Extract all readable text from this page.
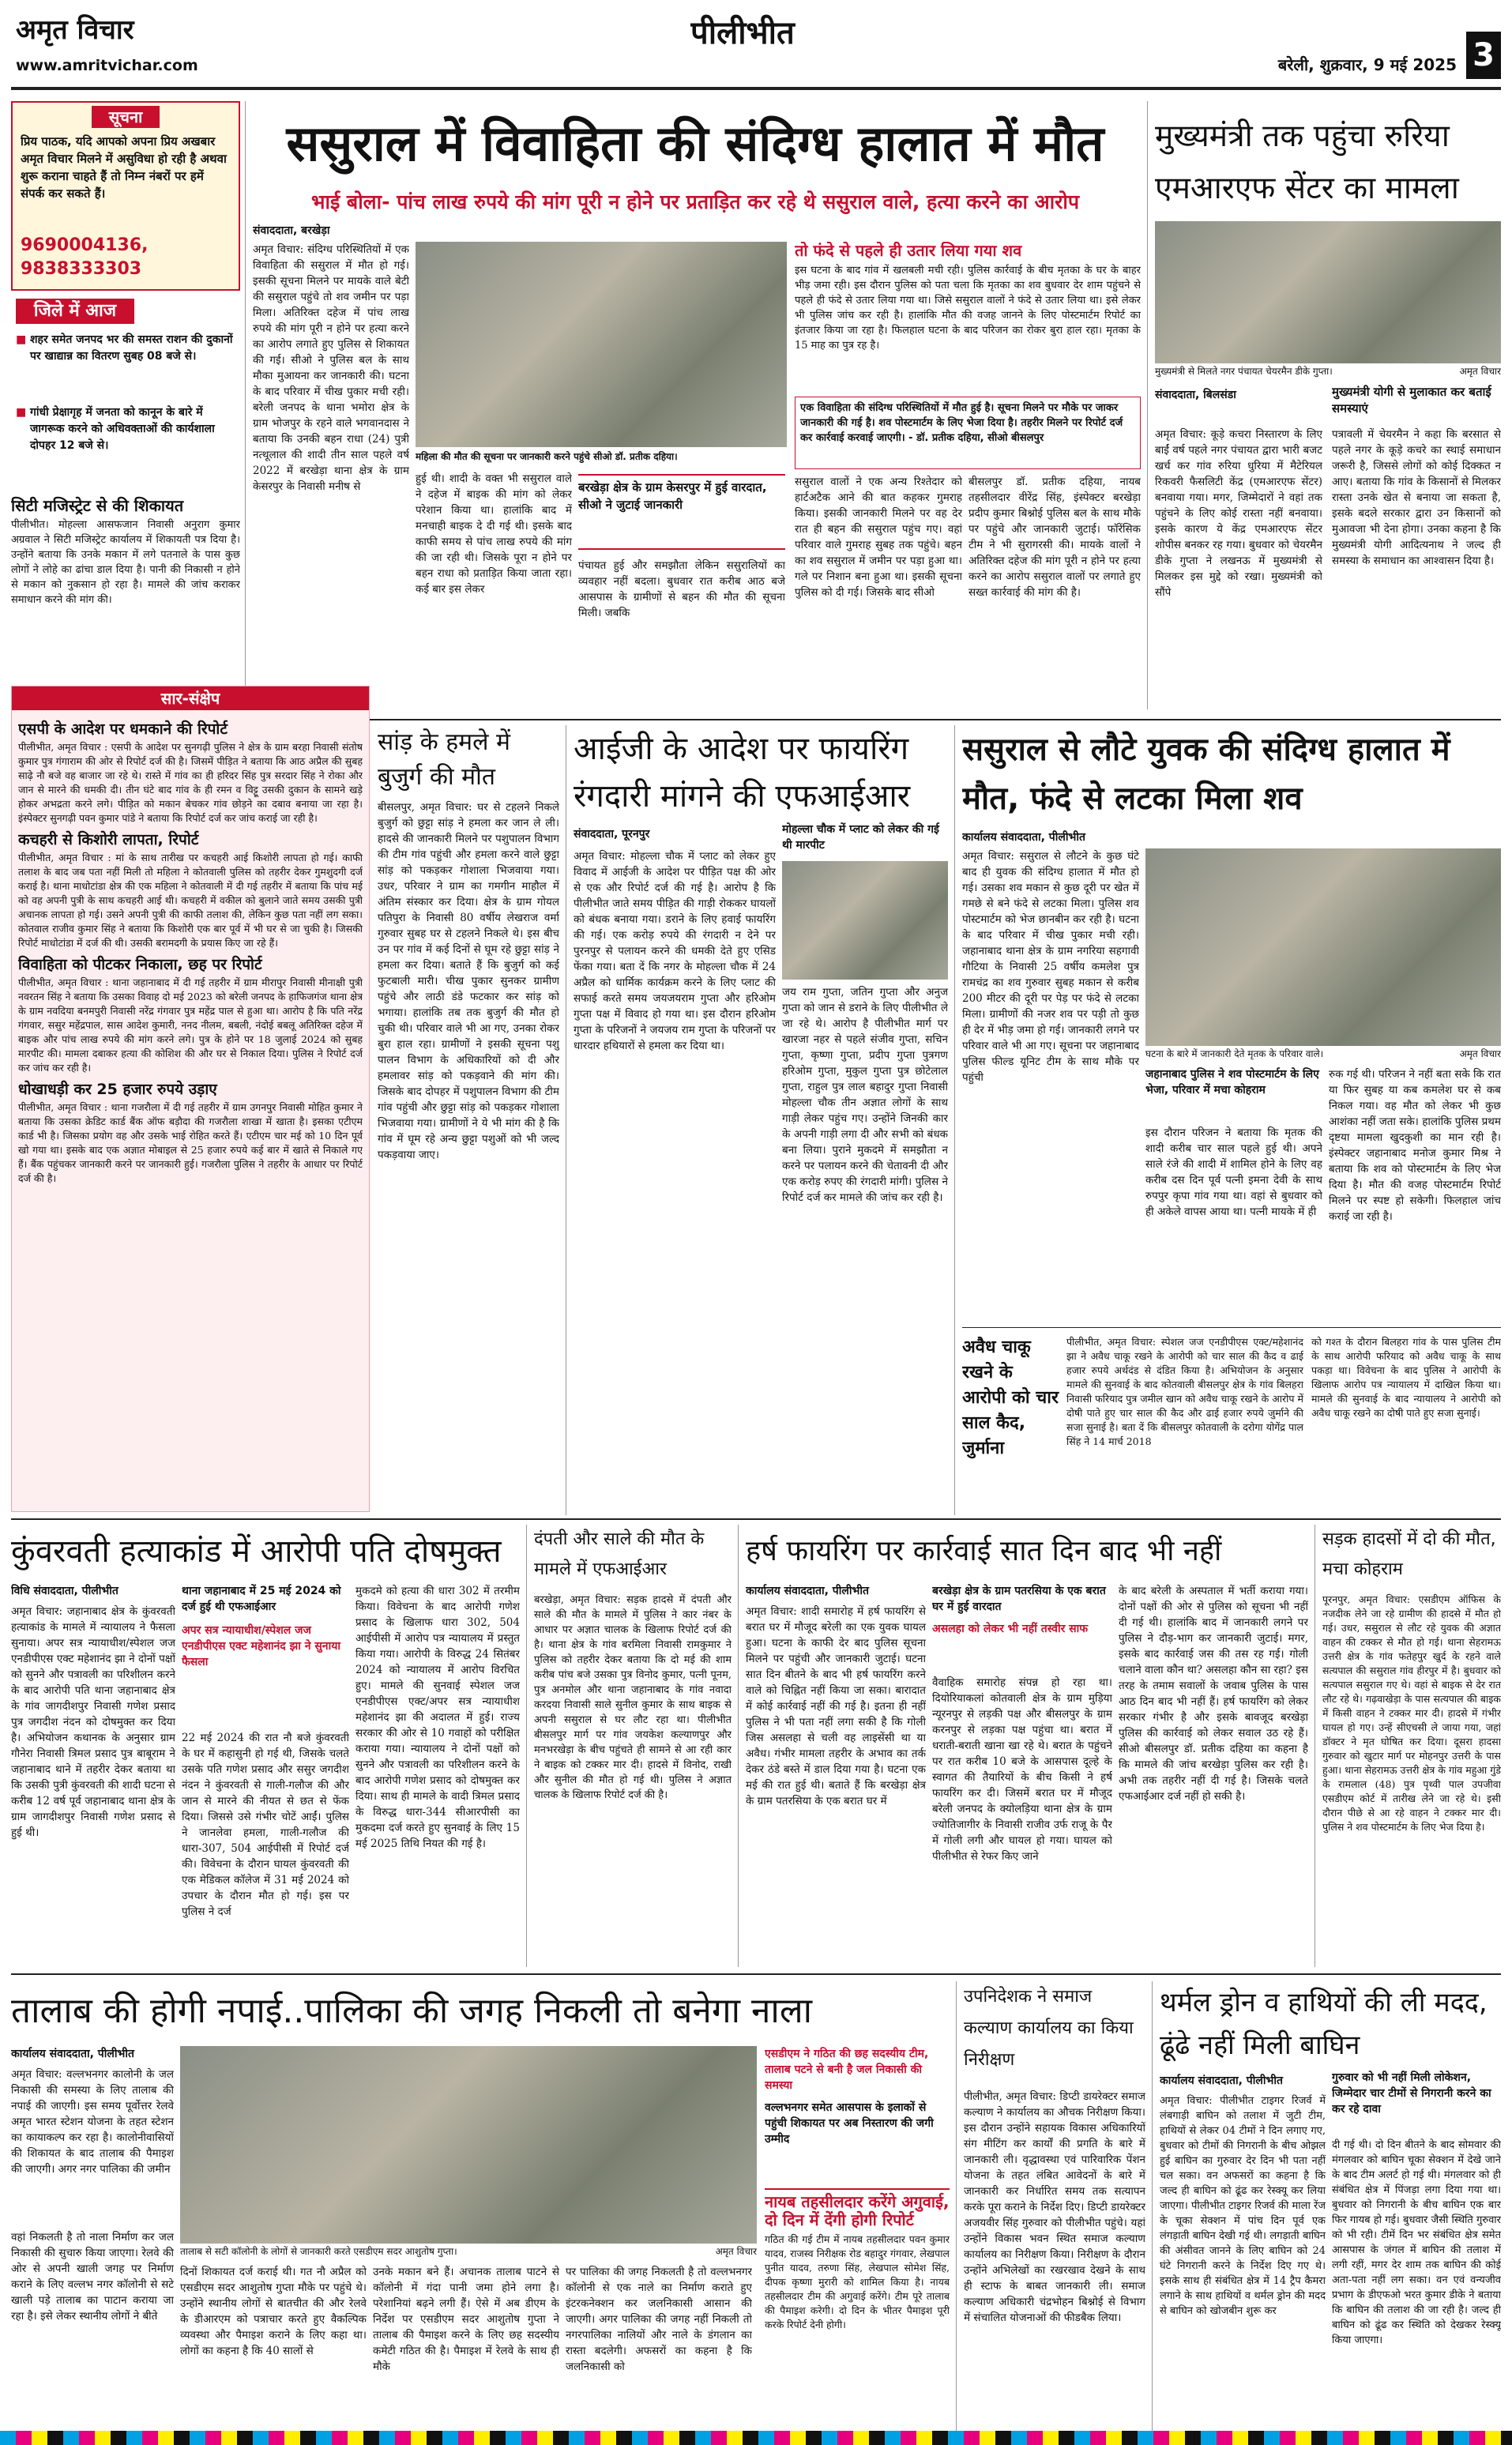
अमृत विचार
www.amritvichar.com
पीलीभीत
बरेली, शुक्रवार, 9 मई 2025 3
सूचना
प्रिय पाठक, यदि आपको अपना प्रिय अखबार अमृत विचार मिलने में असुविधा हो रही है अथवा शुरू कराना चाहते हैं तो निम्न नंबरों पर हमें संपर्क कर सकते हैं।
9690004136, 9838333303
जिले में आज
■ शहर समेत जनपद भर की समस्त राशन की दुकानों पर खाद्यान्न का वितरण सुबह 08 बजे से।
■ गांधी प्रेक्षागृह में जनता को कानून के बारे में जागरूक करने को अधिवक्ताओं की कार्यशाला दोपहर 12 बजे से।
सिटी मजिस्ट्रेट से की शिकायत
पीलीभीत। मोहल्ला आसफजान निवासी अनुराग कुमार अग्रवाल ने सिटी मजिस्ट्रेट कार्यालय में शिकायती पत्र दिया है। उन्होंने बताया कि उनके मकान में लगे पतनाले के पास कुछ लोगों ने लोहे का ढांचा डाल दिया है। पानी की निकासी न होने से मकान को नुकसान हो रहा है। मामले की जांच कराकर समाधान करने की मांग की।
ससुराल में विवाहिता की संदिग्ध हालात में मौत
भाई बोला- पांच लाख रुपये की मांग पूरी न होने पर प्रताड़ित कर रहे थे ससुराल वाले, हत्या करने का आरोप
संवाददाता, बरखेड़ा
अमृत विचार: संदिग्ध परिस्थितियों में एक विवाहिता की ससुराल में मौत हो गई। इसकी सूचना मिलने पर मायके वाले बेटी की ससुराल पहुंचे तो शव जमीन पर पड़ा मिला। अतिरिक्त दहेज में पांच लाख रुपये की मांग पूरी न होने पर हत्या करने का आरोप लगाते हुए पुलिस से शिकायत की गई। सीओ ने पुलिस बल के साथ मौका मुआयना कर जानकारी की। घटना के बाद परिवार में चीख पुकार मची रही। बरेली जनपद के थाना भमोरा क्षेत्र के ग्राम भोजपुर के रहने वाले भगवानदास ने बताया कि उनकी बहन राधा (24) पुत्री नत्थूलाल की शादी तीन साल पहले वर्ष 2022 में बरखेड़ा थाना क्षेत्र के ग्राम केसरपुर के निवासी मनीष से
महिला की मौत की सूचना पर जानकारी करने पहुंचे सीओ डॉ. प्रतीक दहिया।
हुई थी। शादी के वक्त भी ससुराल वाले ने दहेज में बाइक की मांग को लेकर परेशान किया था। हालांकि बाद में मनचाही बाइक दे दी गई थी। इसके बाद काफी समय से पांच लाख रुपये की मांग की जा रही थी। जिसके पूरा न होने पर बहन राधा को प्रताड़ित किया जाता रहा। कई बार इस लेकर
बरखेड़ा क्षेत्र के ग्राम केसरपुर में हुई वारदात, सीओ ने जुटाई जानकारी
पंचायत हुई और समझौता लेकिन ससुरालियों का व्यवहार नहीं बदला। बुधवार रात करीब आठ बजे आसपास के ग्रामीणों से बहन की मौत की सूचना मिली। जबकि
तो फंदे से पहले ही उतार लिया गया शव
इस घटना के बाद गांव में खलबली मची रही। पुलिस कार्रवाई के बीच मृतका के घर के बाहर भीड़ जमा रही। इस दौरान पुलिस को पता चला कि मृतका का शव बुधवार देर शाम पहुंचने से पहले ही फंदे से उतार लिया गया था। जिसे ससुराल वालों ने फंदे से उतार लिया था। इसे लेकर भी पुलिस जांच कर रही है। हालांकि मौत की वजह जानने के लिए पोस्टमार्टम रिपोर्ट का इंतजार किया जा रहा है। फिलहाल घटना के बाद परिजन का रोकर बुरा हाल रहा। मृतका के 15 माह का पुत्र रह है।
एक विवाहिता की संदिग्ध परिस्थितियों में मौत हुई है। सूचना मिलने पर मौके पर जाकर जानकारी की गई है। शव पोस्टमार्टम के लिए भेजा दिया है। तहरीर मिलने पर रिपोर्ट दर्ज कर कार्रवाई करवाई जाएगी। - डॉ. प्रतीक दहिया, सीओ बीसलपुर
ससुराल वालों ने एक अन्य रिश्तेदार को हार्टअटैक आने की बात कहकर गुमराह किया। इसकी जानकारी मिलने पर वह देर रात ही बहन की ससुराल पहुंच गए। वहां परिवार वाले गुमराह सुबह तक पहुंचे। बहन का शव ससुराल में जमीन पर पड़ा हुआ था। गले पर निशान बना हुआ था। इसकी सूचना पुलिस को दी गई। जिसके बाद सीओ
बीसलपुर डॉ. प्रतीक दहिया, नायब तहसीलदार वीरेंद्र सिंह, इंस्पेक्टर बरखेड़ा प्रदीप कुमार बिश्नोई पुलिस बल के साथ मौके पर पहुंचे और जानकारी जुटाई। फॉरेंसिक टीम ने भी सुरागरसी की। मायके वालों ने अतिरिक्त दहेज की मांग पूरी न होने पर हत्या करने का आरोप ससुराल वालों पर लगाते हुए सख्त कार्रवाई की मांग की है।
मुख्यमंत्री तक पहुंचा रुरिया एमआरएफ सेंटर का मामला
मुख्यमंत्री से मिलते नगर पंचायत चेयरमैन डीके गुप्ता।	अमृत विचार
संवाददाता, बिलसंडा	मुख्यमंत्री योगी से मुलाकात कर बताई समस्याएं
अमृत विचार: कूड़े कचरा निस्तारण के लिए बाईं वर्ष पहले नगर पंचायत द्वारा भारी बजट खर्च कर गांव रुरिया धुरिया में मैटेरियल रिकवरी फैसलिटी केंद्र (एमआरएफ सेंटर) बनवाया गया। मगर, जिम्मेदारों ने वहां तक पहुंचने के लिए कोई रास्ता नहीं बनवाया। इसके कारण ये केंद्र एमआरएफ सेंटर शोपीस बनकर रह गया। बुधवार को चेयरमैन डीके गुप्ता ने लखनऊ में मुख्यमंत्री से मिलकर इस मुद्दे को रखा। मुख्यमंत्री को सौंपे
पत्रावली में चेयरमैन ने कहा कि बरसात से पहले नगर के कूड़े कचरे का स्थाई समाधान जरूरी है, जिससे लोगों को कोई दिक्कत न आए। बताया कि गांव के किसानों से मिलकर रास्ता उनके खेत से बनाया जा सकता है, इसके बदले सरकार द्वारा उन किसानों को मुआवजा भी देना होगा। उनका कहना है कि मुख्यमंत्री योगी आदित्यनाथ ने जल्द ही समस्या के समाधान का आश्वासन दिया है।
सार-संक्षेप
एसपी के आदेश पर धमकाने की रिपोर्ट
पीलीभीत, अमृत विचार : एसपी के आदेश पर सुनगढ़ी पुलिस ने क्षेत्र के ग्राम बरहा निवासी संतोष कुमार पुत्र गंगाराम की ओर से रिपोर्ट दर्ज की है। जिसमें पीड़ित ने बताया कि आठ अप्रैल की सुबह साढ़े नौ बजे वह बाजार जा रहे थे। रास्ते में गांव का ही हरिदर सिंह पुत्र सरदार सिंह ने रोका और जान से मारने की धमकी दी। तीन घंटे बाद गांव के ही रमन व विट्टू उसकी दुकान के सामने खड़े होकर अभद्रता करने लगे। पीड़ित को मकान बेचकर गांव छोड़ने का दबाव बनाया जा रहा है। इंस्पेक्टर सुनगढ़ी पवन कुमार पांडे ने बताया कि रिपोर्ट दर्ज कर जांच कराई जा रही है।
कचहरी से किशोरी लापता, रिपोर्ट
पीलीभीत, अमृत विचार : मां के साथ तारीख पर कचहरी आई किशोरी लापता हो गई। काफी तलाश के बाद जब पता नहीं मिली तो महिला ने कोतवाली पुलिस को तहरीर देकर गुमशुदगी दर्ज कराई है। थाना माधोटांडा क्षेत्र की एक महिला ने कोतवाली में दी गई तहरीर में बताया कि पांच मई को वह अपनी पुत्री के साथ कचहरी आई थी। कचहरी में वकील को बुलाने जाते समय उसकी पुत्री अचानक लापता हो गई। उसने अपनी पुत्री की काफी तलाश की, लेकिन कुछ पता नहीं लग सका। कोतवाल राजीव कुमार सिंह ने बताया कि किशोरी एक बार पूर्व में भी घर से जा चुकी है। जिसकी रिपोर्ट माधोटांडा में दर्ज की थी। उसकी बरामदगी के प्रयास किए जा रहे हैं।
विवाहिता को पीटकर निकाला, छह पर रिपोर्ट
पीलीभीत, अमृत विचार : थाना जहानाबाद में दी गई तहरीर में ग्राम मीरापुर निवासी मीनाक्षी पुत्री नवरतन सिंह ने बताया कि उसका विवाह दो मई 2023 को बरेली जनपद के हाफिजगंज थाना क्षेत्र के ग्राम नवदिया बनमपुरी निवासी नरेंद्र गंगवार पुत्र महेंद्र पाल से हुआ था। आरोप है कि पति नरेंद्र गंगवार, ससुर महेंद्रपाल, सास आदेश कुमारी, ननद नीलम, बबली, नंदोई बबलू अतिरिक्त दहेज में बाइक और पांच लाख रुपये की मांग करने लगे। पुत्र के होने पर 18 जुलाई 2024 को सुबह मारपीट की। मामला दबाकर हत्या की कोशिश की और घर से निकाल दिया। पुलिस ने रिपोर्ट दर्ज कर जांच कर रही है।
धोखाधड़ी कर 25 हजार रुपये उड़ाए
पीलीभीत, अमृत विचार : थाना गजरौला में दी गई तहरीर में ग्राम उगनपुर निवासी मोहित कुमार ने बताया कि उसका क्रेडिट कार्ड बैंक ऑफ बड़ौदा की गजरौला शाखा में खाता है। इसका एटीएम कार्ड भी है। जिसका प्रयोग वह और उसके भाई रोहित करते हैं। एटीएम चार मई को 10 दिन पूर्व खो गया था। इसके बाद एक अज्ञात मोबाइल से 25 हजार रुपये कई बार में खाते से निकाले गए हैं। बैंक पहुंचकर जानकारी करने पर जानकारी हुई। गजरौला पुलिस ने तहरीर के आधार पर रिपोर्ट दर्ज की है।
सांड़ के हमले में बुजुर्ग की मौत
बीसलपुर, अमृत विचार: घर से टहलने निकले बुजुर्ग को छुट्टा सांड़ ने हमला कर जान ले ली। हादसे की जानकारी मिलने पर पशुपालन विभाग की टीम गांव पहुंची और हमला करने वाले छुट्टा सांड़ को पकड़कर गोशाला भिजवाया गया। उधर, परिवार ने ग्राम का गमगीन माहौल में अंतिम संस्कार कर दिया। क्षेत्र के ग्राम गोयल पतिपुरा के निवासी 80 वर्षीय लेखराज वर्मा गुरुवार सुबह घर से टहलने निकले थे। इस बीच उन पर गांव में कई दिनों से घूम रहे छुट्टा सांड़ ने हमला कर दिया। बताते हैं कि बुजुर्ग को कई फुटबाली मारी। चीख पुकार सुनकर ग्रामीण पहुंचे और लाठी डंडे फटकार कर सांड़ को भगाया। हालांकि तब तक बुजुर्ग की मौत हो चुकी थी। परिवार वाले भी आ गए, उनका रोकर बुरा हाल रहा। ग्रामीणों ने इसकी सूचना पशु पालन विभाग के अधिकारियों को दी और हमलावर सांड़ को पकड़वाने की मांग की। जिसके बाद दोपहर में पशुपालन विभाग की टीम गांव पहुंची और छुट्टा सांड़ को पकड़कर गोशाला भिजवाया गया। ग्रामीणों ने ये भी मांग की है कि गांव में घूम रहे अन्य छुट्टा पशुओं को भी जल्द पकड़वाया जाए।
आईजी के आदेश पर फायरिंग रंगदारी मांगने की एफआईआर
संवाददाता, पूरनपुर	मोहल्ला चौक में प्लाट को लेकर की गई थी मारपीट
अमृत विचार: मोहल्ला चौक में प्लाट को लेकर हुए विवाद में आईजी के आदेश पर पीड़ित पक्ष की ओर से एक और रिपोर्ट दर्ज की गई है। आरोप है कि पीलीभीत जाते समय पीड़ित की गाड़ी रोककर घायलों को बंधक बनाया गया। डराने के लिए हवाई फायरिंग की गई। एक करोड़ रुपये की रंगदारी न देने पर पुरनपुर से पलायन करने की धमकी देते हुए एसिड फेंका गया। बता दें कि नगर के मोहल्ला चौक में 24 अप्रैल को धार्मिक कार्यक्रम करने के लिए प्लाट की सफाई करते समय जयजयराम गुप्ता और हरिओम गुप्ता पक्ष में विवाद हो गया था। इस दौरान हरिओम गुप्ता के परिजनों ने जयजय राम गुप्ता के परिजनों पर धारदार हथियारों से हमला कर दिया था।
जय राम गुप्ता, जतिन गुप्ता और अनुज गुप्ता को जान से डराने के लिए पीलीभीत ले जा रहे थे। आरोप है पीलीभीत मार्ग पर खारजा नहर से पहले संजीव गुप्ता, सचिन गुप्ता, कृष्णा गुप्ता, प्रदीप गुप्ता पुत्रगण हरिओम गुप्ता, मुकुल गुप्ता पुत्र छोटेलाल गुप्ता, राहुल पुत्र लाल बहादुर गुप्ता निवासी मोहल्ला चौक तीन अज्ञात लोगों के साथ गाड़ी लेकर पहुंच गए। उन्होंने जिनकी कार के अपनी गाड़ी लगा दी और सभी को बंधक बना लिया। पुराने मुकदमे में समझौता न करने पर पलायन करने की चेतावनी दी और एक करोड़ रुपए की रंगदारी मांगी। पुलिस ने रिपोर्ट दर्ज कर मामले की जांच कर रही है।
ससुराल से लौटे युवक की संदिग्ध हालात में मौत, फंदे से लटका मिला शव
कार्यालय संवाददाता, पीलीभीत
अमृत विचार: ससुराल से लौटने के कुछ घंटे बाद ही युवक की संदिग्ध हालात में मौत हो गई। उसका शव मकान से कुछ दूरी पर खेत में गमछे से बने फंदे से लटका मिला। पुलिस शव पोस्टमार्टम को भेज छानबीन कर रही है। घटना के बाद परिवार में चीख पुकार मची रही। जहानाबाद थाना क्षेत्र के ग्राम नगरिया सहगावी गौटिया के निवासी 25 वर्षीय कमलेश पुत्र रामचंद्र का शव गुरुवार सुबह मकान से करीब 200 मीटर की दूरी पर पेड़ पर फंदे से लटका मिला। ग्रामीणों की नजर शव पर पड़ी तो कुछ ही देर में भीड़ जमा हो गई। जानकारी लगने पर परिवार वाले भी आ गए। सूचना पर जहानाबाद पुलिस फील्ड यूनिट टीम के साथ मौके पर पहुंची
घटना के बारे में जानकारी देते मृतक के परिवार वाले।	अमृत विचार
जहानाबाद पुलिस ने शव पोस्टमार्टम के लिए भेजा, परिवार में मचा कोहराम
इस दौरान परिजन ने बताया कि मृतक की शादी करीब चार साल पहले हुई थी। अपने साले रंजे की शादी में शामिल होने के लिए वह करीब दस दिन पूर्व पत्नी इमना देवी के साथ रुपपुर कृपा गांव गया था। वहां से बुधवार को ही अकेले वापस आया था। पत्नी मायके में ही
रुक गई थी। परिजन ने नहीं बता सके कि रात या फिर सुबह या कब कमलेश घर से कब निकल गया। वह मौत को लेकर भी कुछ आशंका नहीं जता सके। हालांकि पुलिस प्रथम दृष्टया मामला खुदकुशी का मान रही है। इंस्पेक्टर जहानाबाद मनोज कुमार मिश्र ने बताया कि शव को पोस्टमार्टम के लिए भेज दिया है। मौत की वजह पोस्टमार्टम रिपोर्ट मिलने पर स्पष्ट हो सकेगी। फिलहाल जांच कराई जा रही है।
अवैध चाकू रखने के आरोपी को चार साल कैद, जुर्माना
पीलीभीत, अमृत विचार: स्पेशल जज एनडीपीएस एक्ट/महेशानंद झा ने अवैध चाकू रखने के आरोपी को चार साल की कैद व ढाई हजार रुपये अर्थदंड से दंडित किया है। अभियोजन के अनुसार मामले की सुनवाई के बाद कोतवाली बीसलपुर क्षेत्र के गांव बिलहरा निवासी फरियाद पुत्र जमील खान को अवैध चाकू रखने के आरोप में दोषी पाते हुए चार साल की कैद और ढाई हजार रुपये जुर्माने की सजा सुनाई है। बता दें कि बीसलपुर कोतवाली के दरोगा योगेंद्र पाल सिंह ने 14 मार्च 2018
को गश्त के दौरान बिलहरा गांव के पास पुलिस टीम के साथ आरोपी फरियाद को अवैध चाकू के साथ पकड़ा था। विवेचना के बाद पुलिस ने आरोपी के खिलाफ आरोप पत्र न्यायालय में दाखिल किया था। मामले की सुनवाई के बाद न्यायालय ने आरोपी को अवैध चाकू रखने का दोषी पाते हुए सजा सुनाई।
कुंवरवती हत्याकांड में आरोपी पति दोषमुक्त
विधि संवाददाता, पीलीभीत
अमृत विचार: जहानाबाद क्षेत्र के कुंवरवती हत्याकांड के मामले में न्यायालय ने फैसला सुनाया। अपर सत्र न्यायाधीश/स्पेशल जज एनडीपीएस एक्ट महेशानंद झा ने दोनों पक्षों को सुनने और पत्रावली का परिशीलन करने के बाद आरोपी पति थाना जहानाबाद क्षेत्र के गांव जागदीशपुर निवासी गणेश प्रसाद पुत्र जगदीश नंदन को दोषमुक्त कर दिया है। अभियोजन कथानक के अनुसार ग्राम गौनेरा निवासी त्रिमल प्रसाद पुत्र बाबूराम ने जहानाबाद थाने में तहरीर देकर बताया था कि उसकी पुत्री कुंवरवती की शादी घटना से करीब 12 वर्ष पूर्व जहानाबाद थाना क्षेत्र के ग्राम जागदीशपुर निवासी गणेश प्रसाद से हुई थी।
थाना जहानाबाद में 25 मई 2024 को दर्ज हुई थी एफआईआर
अपर सत्र न्यायाधीश/स्पेशल जज एनडीपीएस एक्ट महेशानंद झा ने सुनाया फैसला
22 मई 2024 की रात नौ बजे कुंवरवती के घर में कहासुनी हो गई थी, जिसके चलते उसके पति गणेश प्रसाद और ससुर जगदीश नंदन ने कुंवरवती से गाली-गलौज की और जान से मारने की नीयत से छत से फेंक दिया। जिससे उसे गंभीर चोटें आईं। पुलिस ने जानलेवा हमला, गाली-गलौज की धारा-307, 504 आईपीसी में रिपोर्ट दर्ज की। विवेचना के दौरान घायल कुंवरवती की एक मेडिकल कॉलेज में 31 मई 2024 को उपचार के दौरान मौत हो गई। इस पर पुलिस ने दर्ज
मुकदमे को हत्या की धारा 302 में तरमीम किया। विवेचना के बाद आरोपी गणेश प्रसाद के खिलाफ धारा 302, 504 आईपीसी में आरोप पत्र न्यायालय में प्रस्तुत किया गया। आरोपी के विरुद्ध 24 सितंबर 2024 को न्यायालय में आरोप विरचित हुए। मामले की सुनवाई स्पेशल जज एनडीपीएस एक्ट/अपर सत्र न्यायाधीश महेशानंद झा की अदालत में हुई। राज्य सरकार की ओर से 10 गवाहों को परीक्षित कराया गया। न्यायालय ने दोनों पक्षों को सुनने और पत्रावली का परिशीलन करने के बाद आरोपी गणेश प्रसाद को दोषमुक्त कर दिया। साथ ही मामले के वादी त्रिमल प्रसाद के विरुद्ध धारा-344 सीआरपीसी का मुकदमा दर्ज करते हुए सुनवाई के लिए 15 मई 2025 तिथि नियत की गई है।
दंपती और साले की मौत के मामले में एफआईआर
बरखेड़ा, अमृत विचार: सड़क हादसे में दंपती और साले की मौत के मामले में पुलिस ने कार नंबर के आधार पर अज्ञात चालक के खिलाफ रिपोर्ट दर्ज की है। थाना क्षेत्र के गांव बरमिला निवासी रामकुमार ने पुलिस को तहरीर देकर बताया कि दो मई की शाम करीब पांच बजे उसका पुत्र विनोद कुमार, पत्नी पूनम, पुत्र अनमोल और थाना जहानाबाद के गांव नवादा करदया निवासी साले सुनील कुमार के साथ बाइक से अपनी ससुराल से घर लौट रहा था। पीलीभीत बीसलपुर मार्ग पर गांव जयकेश कल्याणपुर और मनभरखेड़ा के बीच पहुंचते ही सामने से आ रही कार ने बाइक को टक्कर मार दी। हादसे में विनोद, राखी और सुनील की मौत हो गई थी। पुलिस ने अज्ञात चालक के खिलाफ रिपोर्ट दर्ज की है।
हर्ष फायरिंग पर कार्रवाई सात दिन बाद भी नहीं
कार्यालय संवाददाता, पीलीभीत
अमृत विचार: शादी समारोह में हर्ष फायरिंग से बरात घर में मौजूद बरेली का एक युवक घायल हुआ। घटना के काफी देर बाद पुलिस सूचना मिलने पर पहुंची और जानकारी जुटाई। घटना सात दिन बीतने के बाद भी हर्ष फायरिंग करने वाले को चिह्नित नहीं किया जा सका। बारादात में कोई कार्रवाई नहीं की गई है। इतना ही नहीं पुलिस ने भी पता नहीं लगा सकी है कि गोली जिस असलहा से चली वह लाइसेंसी था या अवैध। गंभीर मामला तहरीर के अभाव का तर्क देकर ठंडे बस्ते में डाल दिया गया है। घटना एक मई की रात हुई थी। बताते हैं कि बरखेड़ा क्षेत्र के ग्राम पतरसिया के एक बरात घर में
बरखेड़ा क्षेत्र के ग्राम पतरसिया के एक बरात घर में हुई वारदात
असलहा को लेकर भी नहीं तस्वीर साफ
वैवाहिक समारोह संपन्न हो रहा था। दियोरियाकलां कोतवाली क्षेत्र के ग्राम मुड़िया न्यूरनपुर से लड़की पक्ष और बीसलपुर के ग्राम करनपुर से लड़का पक्ष पहुंचा था। बरात में धराती-बराती खाना खा रहे थे। बरात के पहुंचने पर रात करीब 10 बजे के आसपास दूल्हे के स्वागत की तैयारियों के बीच किसी ने हर्ष फायरिंग कर दी। जिसमें बरात घर में मौजूद बरेली जनपद के क्योलड़िया थाना क्षेत्र के ग्राम ज्योतिजागीर के निवासी राजीव उर्फ राजू के पैर में गोली लगी और घायल हो गया। घायल को पीलीभीत से रेफर किए जाने
के बाद बरेली के अस्पताल में भर्ती कराया गया। दोनों पक्षों की ओर से पुलिस को सूचना भी नहीं दी गई थी। हालांकि बाद में जानकारी लगने पर पुलिस ने दौड़-भाग कर जानकारी जुटाई। मगर, इसके बाद कार्रवाई जस की तस रह गई। गोली चलाने वाला कौन था? असलहा कौन सा रहा? इस तरह के तमाम सवालों के जवाब पुलिस के पास आठ दिन बाद भी नहीं हैं। हर्ष फायरिंग को लेकर सरकार गंभीर है और इसके बावजूद बरखेड़ा पुलिस की कार्रवाई को लेकर सवाल उठ रहे हैं। सीओ बीसलपुर डॉ. प्रतीक दहिया का कहना है कि मामले की जांच बरखेड़ा पुलिस कर रही है। अभी तक तहरीर नहीं दी गई है। जिसके चलते एफआईआर दर्ज नहीं हो सकी है।
सड़क हादसों में दो की मौत, मचा कोहराम
पूरनपुर, अमृत विचार: एसडीएम ऑफिस के नजदीक लेने जा रहे ग्रामीण की हादसे में मौत हो गई। उधर, ससुराल से लौट रहे युवक की अज्ञात वाहन की टक्कर से मौत हो गई। थाना सेहरामऊ उत्तरी क्षेत्र के गांव फतेहपुर खुर्द के रहने वाले सत्यपाल की ससुराल गांव हीरपुर में है। बुधवार को सत्यपाल ससुराल गए थे। वहां से बाइक से देर रात लौट रहे थे। गढ़वाखेड़ा के पास सत्यपाल की बाइक में किसी वाहन ने टक्कर मार दी। हादसे में गंभीर घायल हो गए। उन्हें सीएचसी ले जाया गया, जहां डॉक्टर ने मृत घोषित कर दिया। दूसरा हादसा गुरुवार को खुटार मार्ग पर मोहनपुर उत्तरी के पास हुआ। थाना सेहरामऊ उत्तरी क्षेत्र के गांव महुआ गुंडे के रामलाल (48) पुत्र पृथ्वी पाल उपजीवा एसडीएम कोर्ट में तारीख लेने जा रहे थे। इसी दौरान पीछे से आ रहे वाहन ने टक्कर मार दी। पुलिस ने शव पोस्टमार्टम के लिए भेज दिया है।
तालाब की होगी नपाई..पालिका की जगह निकली तो बनेगा नाला
कार्यालय संवाददाता, पीलीभीत
अमृत विचार: वल्लभनगर कालोनी के जल निकासी की समस्या के लिए तालाब की नपाई की जाएगी। इस समय पूर्वोत्तर रेलवे अमृत भारत स्टेशन योजना के तहत स्टेशन का कायाकल्प कर रहा है। कालोनीवासियों की शिकायत के बाद तालाब की पैमाइश की जाएगी। अगर नगर पालिका की जमीन
वहां निकलती है तो नाला निर्माण कर जल निकासी की सुचारु किया जाएगा। रेलवे की ओर से अपनी खाली जगह पर निर्माण कराने के लिए वल्लभ नगर कॉलोनी से सटे खाली पड़े तालाब का पाटान कराया जा रहा है। इसे लेकर स्थानीय लोगों ने बीते
तालाब से सटी कॉलोनी के लोगों से जानकारी करते एसडीएम सदर आशुतोष गुप्ता।	अमृत विचार
दिनों शिकायत दर्ज कराई थी। गत नौ अप्रैल को एसडीएम सदर आशुतोष गुप्ता मौके पर पहुंचे थे। उन्होंने स्थानीय लोगों से बातचीत की और रेलवे के डीआरएम को पत्राचार करते हुए वैकल्पिक व्यवस्था और पैमाइश कराने के लिए कहा था। लोगों का कहना है कि 40 सालों से
उनके मकान बने हैं। अचानक तालाब पाटने से कॉलोनी में गंदा पानी जमा होने लगा है। परेशानियां बढ़ने लगी हैं। ऐसे में अब डीएम के निर्देश पर एसडीएम सदर आशुतोष गुप्ता ने तालाब की पैमाइश करने के लिए छह सदस्यीय कमेटी गठित की है। पैमाइश में रेलवे के साथ ही मौके
पर पालिका की जगह निकलती है तो वल्लभनगर कॉलोनी से एक नाले का निर्माण कराते हुए इंटरकनेक्शन कर जलनिकासी आसान की जाएगी। अगर पालिका की जगह नहीं निकली तो नगरपालिका नालियों और नाले के डंगलान का रास्ता बदलेगी। अफसरों का कहना है कि जलनिकासी को
एसडीएम ने गठित की छह सदस्यीय टीम, तालाब पटने से बनी है जल निकासी की समस्या
वल्लभनगर समेत आसपास के इलाकों से पहुंची शिकायत पर अब निस्तारण की जगी उम्मीद
नायब तहसीलदार करेंगे अगुवाई, दो दिन में देंगी होगी रिपोर्ट
गठित की गई टीम में नायब तहसीलदार पवन कुमार यादव, राजस्व निरीक्षक रोड बहादुर गंगवार, लेखपाल पुनीत यादव, तरुणा सिंह, लेखपाल सोमेश सिंह, दीपक कृष्णा मुरारी को शामिल किया है। नायब तहसीलदार टीम की अगुवाई करेंगे। टीम पूरे तालाब की पैमाइश करेगी। दो दिन के भीतर पैमाइश पूरी करके रिपोर्ट देनी होगी।
उपनिदेशक ने समाज कल्याण कार्यालय का किया निरीक्षण
पीलीभीत, अमृत विचार: डिप्टी डायरेक्टर समाज कल्याण ने कार्यालय का औचक निरीक्षण किया। इस दौरान उन्होंने सहायक विकास अधिकारियों संग मीटिंग कर कार्यों की प्रगति के बारे में जानकारी ली। वृद्धावस्था एवं पारिवारिक पेंशन योजना के तहत लंबित आवेदनों के बारे में जानकारी कर निर्धारित समय तक सत्यापन करके पूरा कराने के निर्देश दिए। डिप्टी डायरेक्टर अजयवीर सिंह गुरुवार को पीलीभीत पहुंचे। यहां उन्होंने विकास भवन स्थित समाज कल्याण कार्यालय का निरीक्षण किया। निरीक्षण के दौरान उन्होंने अभिलेखों का रखरखाव देखने के साथ ही स्टाफ के बाबत जानकारी ली। समाज कल्याण अधिकारी चंद्रभोहन बिश्नोई से विभाग में संचालित योजनाओं की फीडबैक लिया।
थर्मल ड्रोन व हाथियों की ली मदद, ढूंढे नहीं मिली बाघिन
कार्यालय संवाददाता, पीलीभीत	गुरुवार को भी नहीं मिली लोकेशन, जिम्मेदार चार टीमों से निगरानी करने का कर रहे दावा
अमृत विचार: पीलीभीत टाइगर रिजर्व में लंबगाड़ी बाघिन को तलाश में जुटी टीम, हाथियों से लेकर 04 टीमों ने दिन लगाए गए, बुधवार को टीमों की निगरानी के बीच ओझल हुई बाघिन का गुरुवार देर दिन भी पता नहीं चल सका। वन अफसरों का कहना है कि जल्द ही बाघिन को ढूंढ कर रेस्क्यू कर लिया जाएगा। पीलीभीत टाइगर रिजर्व की माला रेंज के चूका सेक्शन में पांच दिन पूर्व एक लंगड़ाती बाघिन देखी गई थी। लगड़ाती बाघिन की अंसीवत जानने के लिए बाघिन को 24 घंटे निगरानी करने के निर्देश दिए गए थे। इसके साथ ही संबंधित क्षेत्र में 14 ट्रैप कैमरा लगाने के साथ हाथियों व थर्मल ड्रोन की मदद से बाघिन को खोजबीन शुरू कर
दी गई थी। दो दिन बीतने के बाद सोमवार की मंगलवार को बाघिन चूका सेक्शन में देखे जाने के बाद टीम अलर्ट हो गई थी। मंगलवार को ही संबंधित क्षेत्र में पिंजड़ा लगा दिया गया था। बुधवार को निगरानी के बीच बाघिन एक बार फिर गायब हो गई। बुधवार जैसी स्थिति गुरुवार को भी रही। टीमें दिन भर संबंधित क्षेत्र समेत आसपास के जंगल में बाघिन की तलाश में लगी रहीं, मगर देर शाम तक बाघिन की कोई अता-पता नहीं लग सका। वन एवं वन्यजीव प्रभाग के डीएफओ भरत कुमार डीके ने बताया कि बाघिन की तलाश की जा रही है। जल्द ही बाघिन को ढूंढ कर स्थिति को देखकर रेस्क्यू किया जाएगा।
